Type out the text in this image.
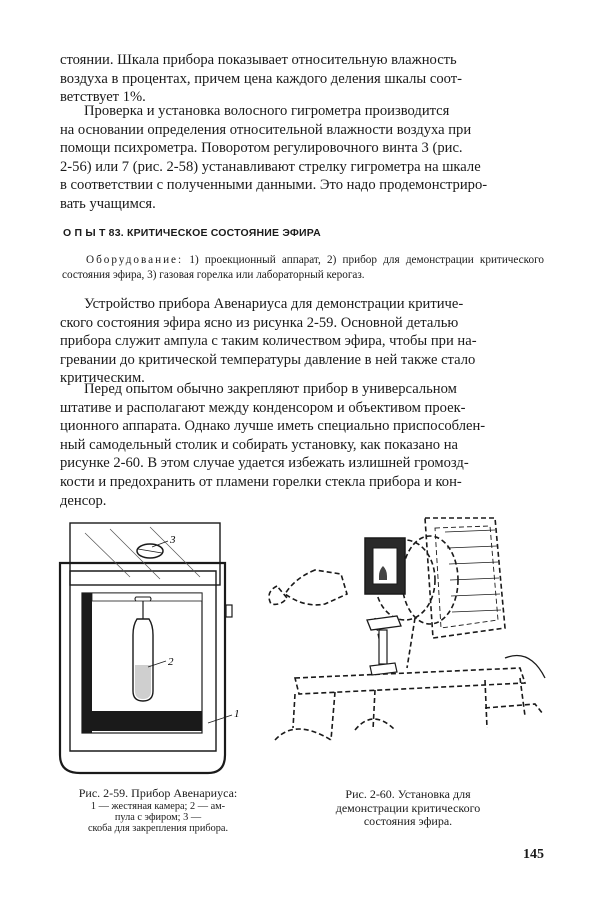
стоянии. Шкала прибора показывает относительную влажность
воздуха в процентах, причем цена каждого деления шкалы соот-
ветствует 1%.
Проверка и установка волосного гигрометра производится
на основании определения относительной влажности воздуха при
помощи психрометра. Поворотом регулировочного винта 3 (рис.
2-56) или 7 (рис. 2-58) устанавливают стрелку гигрометра на шкале
в соответствии с полученными данными. Это надо продемонстриро-
вать учащимся.
О П Ы Т 83. КРИТИЧЕСКОЕ СОСТОЯНИЕ ЭФИРА
Оборудование: 1) проекционный аппарат, 2) прибор для демонстрации критического состояния эфира, 3) газовая горелка или лабораторный керогаз.
Устройство прибора Авенариуса для демонстрации критиче-
ского состояния эфира ясно из рисунка 2-59. Основной деталью
прибора служит ампула с таким количеством эфира, чтобы при на-
гревании до критической температуры давление в ней также стало
критическим.
Перед опытом обычно закрепляют прибор в универсальном
штативе и располагают между конденсором и объективом проек-
ционного аппарата. Однако лучше иметь специально приспособлен-
ный самодельный столик и собирать установку, как показано на
рисунке 2-60. В этом случае удается избежать излишней громозд-
кости и предохранить от пламени горелки стекла прибора и кон-
денсор.
3
2
1
Рис. 2-59. Прибор Авенариуса:
1 — жестяная камера; 2 — ам-
пула с эфиром; 3 —
скоба для закрепления прибора.
Рис. 2-60. Установка для
демонстрации критического
состояния эфира.
145
